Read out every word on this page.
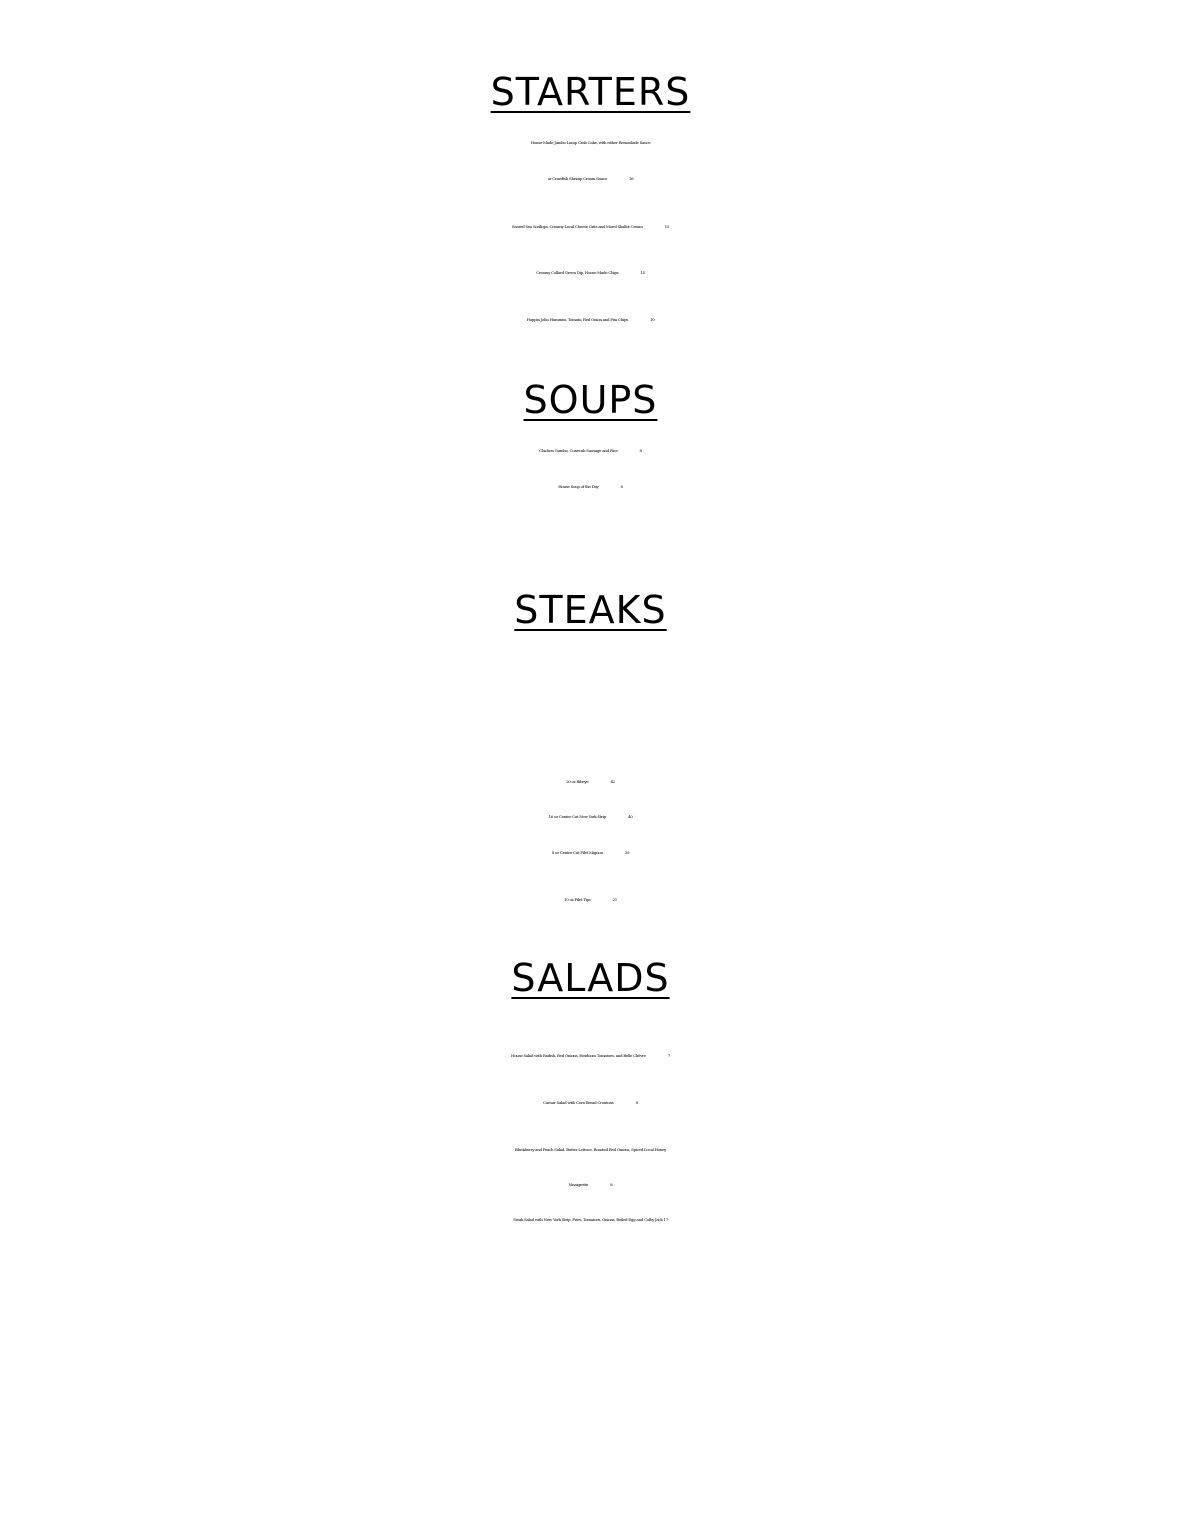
STARTERS
House-Made Jumbo Lump Crab Cake, with either Remoulade Sauce
or Crawfish Shrimp Cream Sauce	16
Seared Sea Scallops, Creamy Local Cheese Grits and Morel Shallot Cream	15
Creamy Collard Green Dip, House Made Chips	15
Hoppin John Hummus, Tomato, Red Onion and Pita Chips	10
SOUPS
Chicken Gumbo, Conecuh Sausage and Rice	8
House Soup of the Day	8
STEAKS
20 oz Ribeye	42
16 oz Center Cut New York Strip	40
8 oz Center Cut Filet Mignon	39
10 oz Filet Tips	21
SALADS
House Salad with Radish, Red Onions, Heirloom Tomatoes, and Belle Chévre	7
Caesar Salad with Corn Bread Croutons	8
Blackberry and Peach Salad, Butter Lettuce, Roasted Red Onions, Spiced Local Honey
Vinaigrette	8
Steak Salad with New York Strip, Fries, Tomatoes, Onions, Boiled Egg and Colby Jack 17
